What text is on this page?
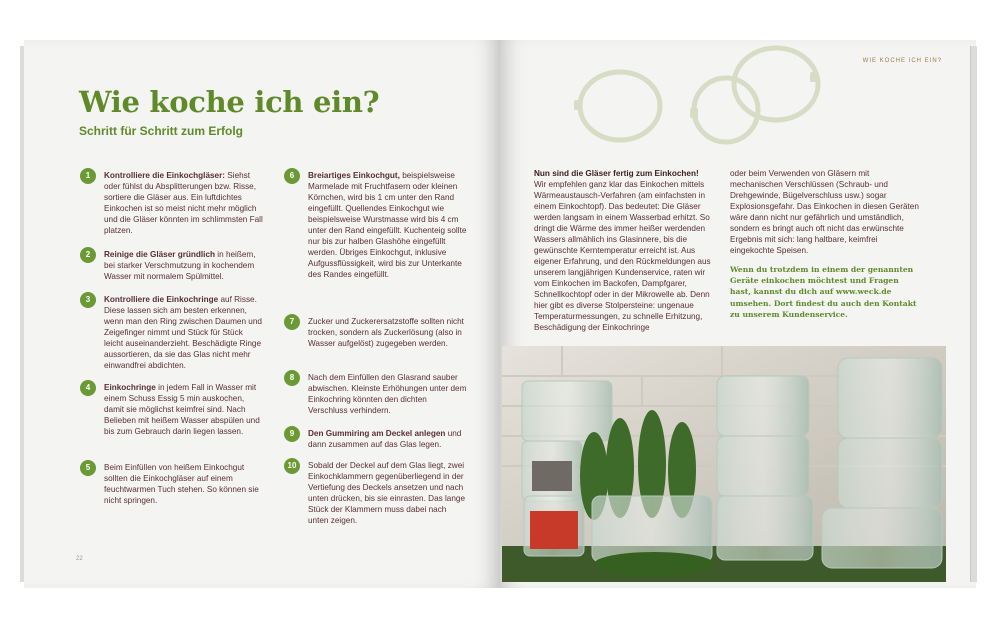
Wie koche ich ein?
Schritt für Schritt zum Erfolg
1	Kontrolliere die Einkochgläser: Siehst oder fühlst du Absplitterungen bzw. Risse, sortiere die Gläser aus. Ein luftdichtes Einkochen ist so meist nicht mehr möglich und die Gläser könnten im schlimmsten Fall platzen.
2	Reinige die Gläser gründlich in heißem, bei starker Verschmutzung in kochendem Wasser mit normalem Spülmittel.
3	Kontrolliere die Einkochringe auf Risse. Diese lassen sich am besten erkennen, wenn man den Ring zwischen Daumen und Zeigefinger nimmt und Stück für Stück leicht auseinanderzieht. Beschädigte Ringe aussortieren, da sie das Glas nicht mehr einwandfrei abdichten.
4	Einkochringe in jedem Fall in Wasser mit einem Schuss Essig 5 min auskochen, damit sie möglichst keimfrei sind. Nach Belieben mit heißem Wasser abspülen und bis zum Gebrauch darin liegen lassen.
5	Beim Einfüllen von heißem Einkochgut sollten die Einkochgläser auf einem feuchtwarmen Tuch stehen. So können sie nicht springen.
6	Breiartiges Einkochgut, beispielsweise Marmelade mit Fruchtfasern oder kleinen Körnchen, wird bis 1 cm unter den Rand eingefüllt. Quellendes Einkochgut wie beispielsweise Wurstmasse wird bis 4 cm unter den Rand eingefüllt. Kuchenteig sollte nur bis zur halben Glashöhe eingefüllt werden. Übriges Einkochgut, inklusive Aufgussflüssigkeit, wird bis zur Unterkante des Randes eingefüllt.
7	Zucker und Zuckerersatzstoffe sollten nicht trocken, sondern als Zuckerlösung (also in Wasser aufgelöst) zugegeben werden.
8	Nach dem Einfüllen den Glasrand sauber abwischen. Kleinste Erhöhungen unter dem Einkochring könnten den dichten Verschluss verhindern.
9	Den Gummiring am Deckel anlegen und dann zusammen auf das Glas legen.
10	Sobald der Deckel auf dem Glas liegt, zwei Einkochklammern gegenüberliegend in der Vertiefung des Deckels ansetzen und nach unten drücken, bis sie einrasten. Das lange Stück der Klammern muss dabei nach unten zeigen.
22
WIE KOCHE ICH EIN?
Nun sind die Gläser fertig zum Einkochen!
Wir empfehlen ganz klar das Einkochen mittels Wärmeaustausch-Verfahren (am einfachsten in einem Einkochtopf). Das bedeutet: Die Gläser werden langsam in einem Wasserbad erhitzt. So dringt die Wärme des immer heißer werdenden Wassers allmählich ins Glasinnere, bis die gewünschte Kerntemperatur erreicht ist. Aus eigener Erfahrung, und den Rückmeldungen aus unserem langjährigen Kundenservice, raten wir vom Einkochen im Backofen, Dampfgarer, Schnellkochtopf oder in der Mikrowelle ab. Denn hier gibt es diverse Stolpersteine: ungenaue Temperaturmessungen, zu schnelle Erhitzung, Beschädigung der Einkochringe
oder beim Verwenden von Gläsern mit mechanischen Verschlüssen (Schraub- und Drehgewinde, Bügelverschluss usw.) sogar Explosionsgefahr. Das Einkochen in diesen Geräten wäre dann nicht nur gefährlich und umständlich, sondern es bringt auch oft nicht das erwünschte Ergebnis mit sich: lang haltbare, keimfrei eingekochte Speisen.
Wenn du trotzdem in einem der genannten Geräte einkochen möchtest und Fragen hast, kannst du dich auf www.weck.de umsehen. Dort findest du auch den Kontakt zu unserem Kundenservice.
